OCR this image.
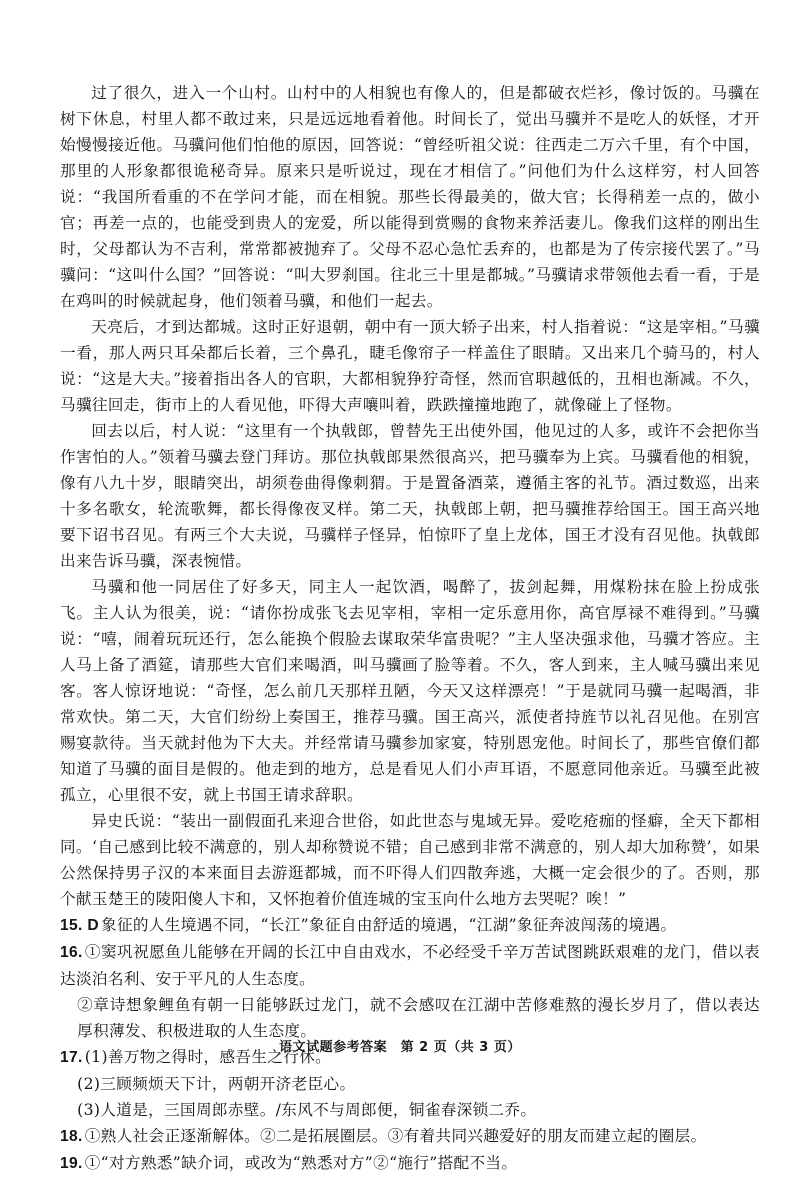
过了很久，进入一个山村。山村中的人相貌也有像人的，但是都破衣烂衫，像讨饭的。马骥在树下休息，村里人都不敢过来，只是远远地看着他。时间长了，觉出马骥并不是吃人的妖怪，才开始慢慢接近他。马骥问他们怕他的原因，回答说：“曾经听祖父说：往西走二万六千里，有个中国，那里的人形象都很诡秘奇异。原来只是听说过，现在才相信了。”问他们为什么这样穷，村人回答说：“我国所看重的不在学问才能，而在相貌。那些长得最美的，做大官；长得稍差一点的，做小官；再差一点的，也能受到贵人的宠爱，所以能得到赏赐的食物来养活妻儿。像我们这样的刚出生时，父母都认为不吉利，常常都被抛弃了。父母不忍心急忙丢弃的，也都是为了传宗接代罢了。”马骥问：“这叫什么国？”回答说：“叫大罗刹国。往北三十里是都城。”马骥请求带领他去看一看，于是在鸡叫的时候就起身，他们领着马骥，和他们一起去。

天亮后，才到达都城。这时正好退朝，朝中有一顶大轿子出来，村人指着说：“这是宰相。”马骥一看，那人两只耳朵都后长着，三个鼻孔，睫毛像帘子一样盖住了眼睛。又出来几个骑马的，村人说：“这是大夫。”接着指出各人的官职，大都相貌狰狞奇怪，然而官职越低的，丑相也渐减。不久，马骥往回走，街市上的人看见他，吓得大声嚷叫着，跌跌撞撞地跑了，就像碰上了怪物。

回去以后，村人说：“这里有一个执戟郎，曾替先王出使外国，他见过的人多，或许不会把你当作害怕的人。”领着马骥去登门拜访。那位执戟郎果然很高兴，把马骥奉为上宾。马骥看他的相貌，像有八九十岁，眼睛突出，胡须卷曲得像刺猬。于是置备酒菜，遵循主客的礼节。酒过数巡，出来十多名歌女，轮流歌舞，都长得像夜叉样。第二天，执戟郎上朝，把马骥推荐给国王。国王高兴地要下诏书召见。有两三个大夫说，马骥样子怪异，怕惊吓了皇上龙体，国王才没有召见他。执戟郎出来告诉马骥，深表惋惜。

马骥和他一同居住了好多天，同主人一起饮酒，喝醉了，拔剑起舞，用煤粉抹在脸上扮成张飞。主人认为很美，说：“请你扮成张飞去见宰相，宰相一定乐意用你，高官厚禄不难得到。”马骥说：“嘻，闹着玩玩还行，怎么能换个假脸去谋取荣华富贵呢？”主人坚决强求他，马骥才答应。主人马上备了酒筵，请那些大官们来喝酒，叫马骥画了脸等着。不久，客人到来，主人喊马骥出来见客。客人惊讶地说：“奇怪，怎么前几天那样丑陋，今天又这样漂亮！”于是就同马骥一起喝酒，非常欢快。第二天，大官们纷纷上奏国王，推荐马骥。国王高兴，派使者持旌节以礼召见他。在别宫赐宴款待。当天就封他为下大夫。并经常请马骥参加家宴，特别恩宠他。时间长了，那些官僚们都知道了马骥的面目是假的。他走到的地方，总是看见人们小声耳语，不愿意同他亲近。马骥至此被孤立，心里很不安，就上书国王请求辞职。

异史氏说：“装出一副假面孔来迎合世俗，如此世态与鬼域无异。爱吃疮痂的怪癖，全天下都相同。‘自己感到比较不满意的，别人却称赞说不错；自己感到非常不满意的，别人却大加称赞’，如果公然保持男子汉的本来面目去游逛都城，而不吓得人们四散奔逃，大概一定会很少的了。否则，那个献玉楚王的陵阳傻人卞和，又怀抱着价值连城的宝玉向什么地方去哭呢？唉！”

15. D 象征的人生境遇不同，“长江”象征自由舒适的境遇，“江湖”象征奔波闯荡的境遇。

16. ①窦巩祝愿鱼儿能够在开阔的长江中自由戏水，不必经受千辛万苦试图跳跃艰难的龙门，借以表达淡泊名利、安于平凡的人生态度。

②章诗想象鲤鱼有朝一日能够跃过龙门，就不会感叹在江湖中苦修难熬的漫长岁月了，借以表达厚积薄发、积极进取的人生态度。

17. (1)善万物之得时，感吾生之行休。

(2)三顾频烦天下计，两朝开济老臣心。

(3)人道是，三国周郎赤壁。/东风不与周郎便，铜雀春深锁二乔。

18. ①熟人社会正逐渐解体。②二是拓展圈层。③有着共同兴趣爱好的朋友而建立起的圈层。

19. ①“对方熟悉”缺介词，或改为“熟悉对方”②“施行”搭配不当。

语文试题参考答案　第 2 页（共 3 页）
